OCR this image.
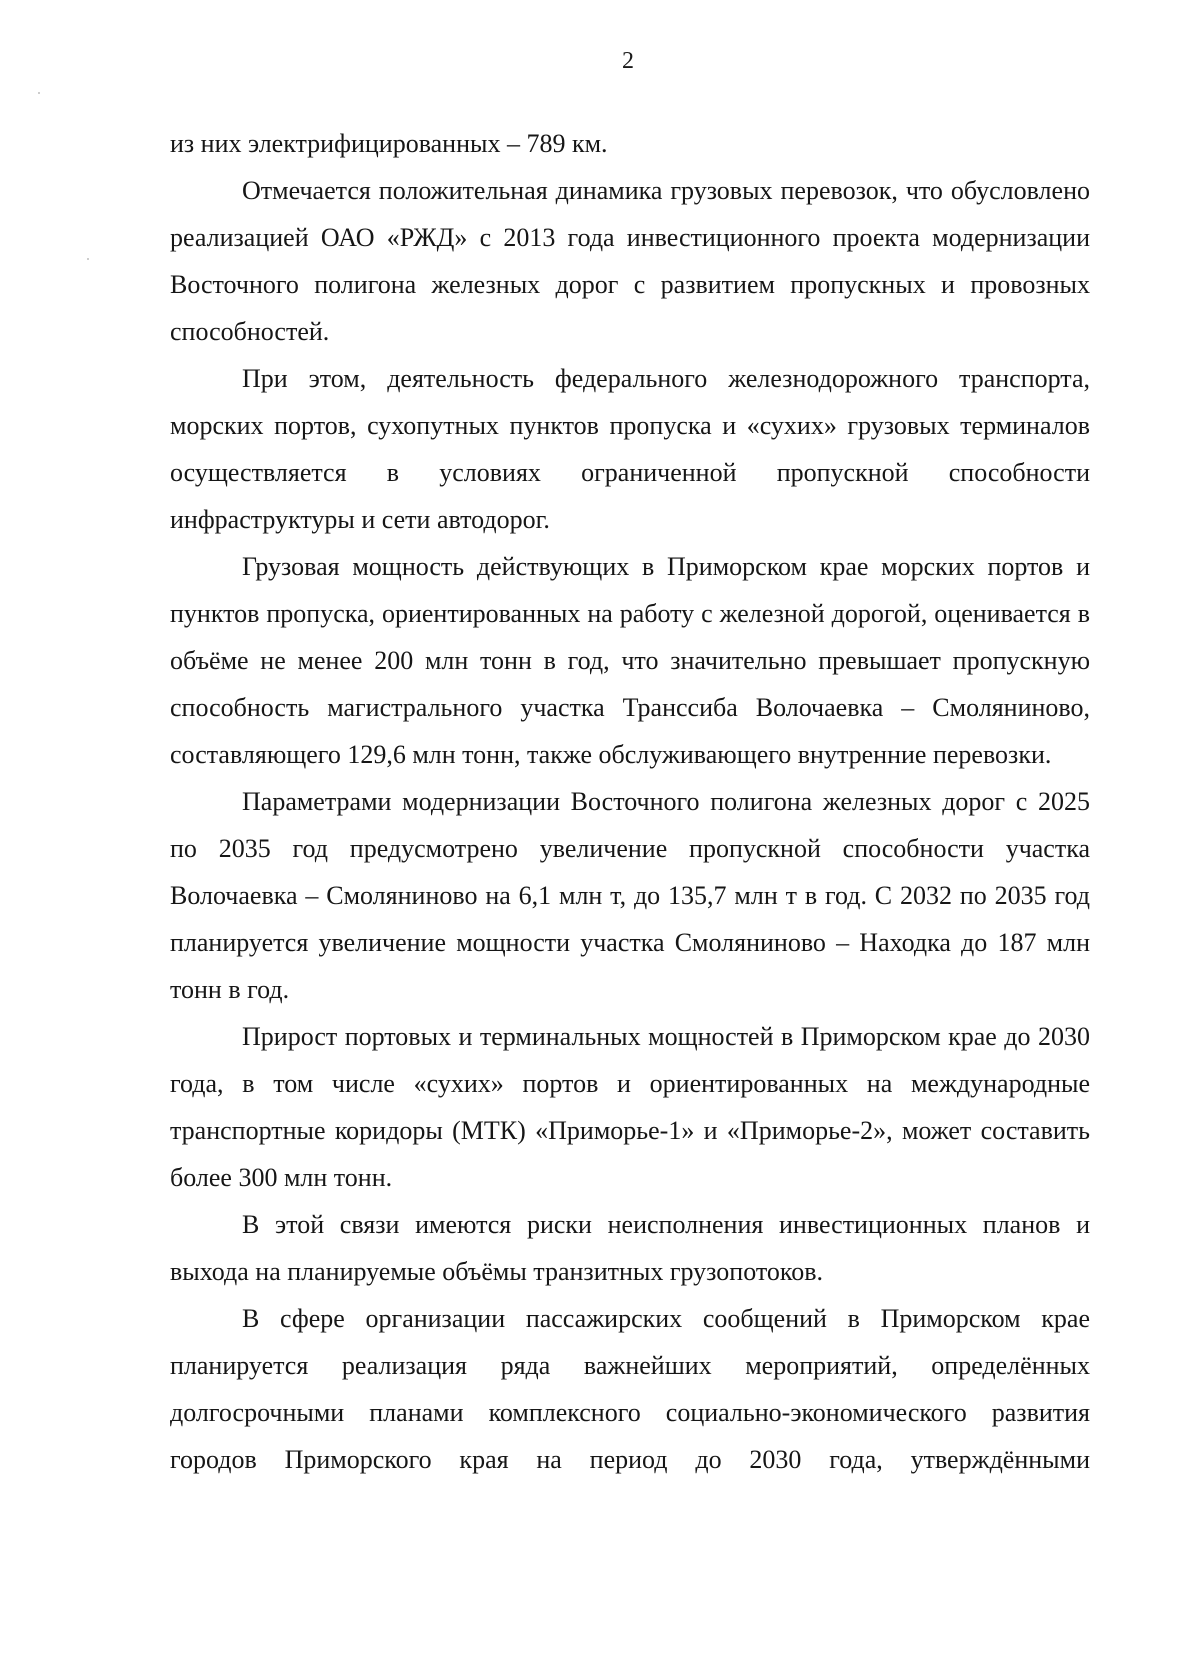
2

из них электрифицированных – 789 км.

Отмечается положительная динамика грузовых перевозок, что обусловлено реализацией ОАО «РЖД» с 2013 года инвестиционного проекта модернизации Восточного полигона железных дорог с развитием пропускных и провозных способностей.

При этом, деятельность федерального железнодорожного транспорта, морских портов, сухопутных пунктов пропуска и «сухих» грузовых терминалов осуществляется в условиях ограниченной пропускной способности инфраструктуры и сети автодорог.

Грузовая мощность действующих в Приморском крае морских портов и пунктов пропуска, ориентированных на работу с железной дорогой, оценивается в объёме не менее 200 млн тонн в год, что значительно превышает пропускную способность магистрального участка Транссиба Волочаевка – Смоляниново, составляющего 129,6 млн тонн, также обслуживающего внутренние перевозки.

Параметрами модернизации Восточного полигона железных дорог с 2025 по 2035 год предусмотрено увеличение пропускной способности участка Волочаевка – Смоляниново на 6,1 млн т, до 135,7 млн т в год. С 2032 по 2035 год планируется увеличение мощности участка Смоляниново – Находка до 187 млн тонн в год.

Прирост портовых и терминальных мощностей в Приморском крае до 2030 года, в том числе «сухих» портов и ориентированных на международные транспортные коридоры (МТК) «Приморье-1» и «Приморье-2», может составить более 300 млн тонн.

В этой связи имеются риски неисполнения инвестиционных планов и выхода на планируемые объёмы транзитных грузопотоков.

В сфере организации пассажирских сообщений в Приморском крае планируется реализация ряда важнейших мероприятий, определённых долгосрочными планами комплексного социально-экономического развития городов Приморского края на период до 2030 года, утверждёнными
